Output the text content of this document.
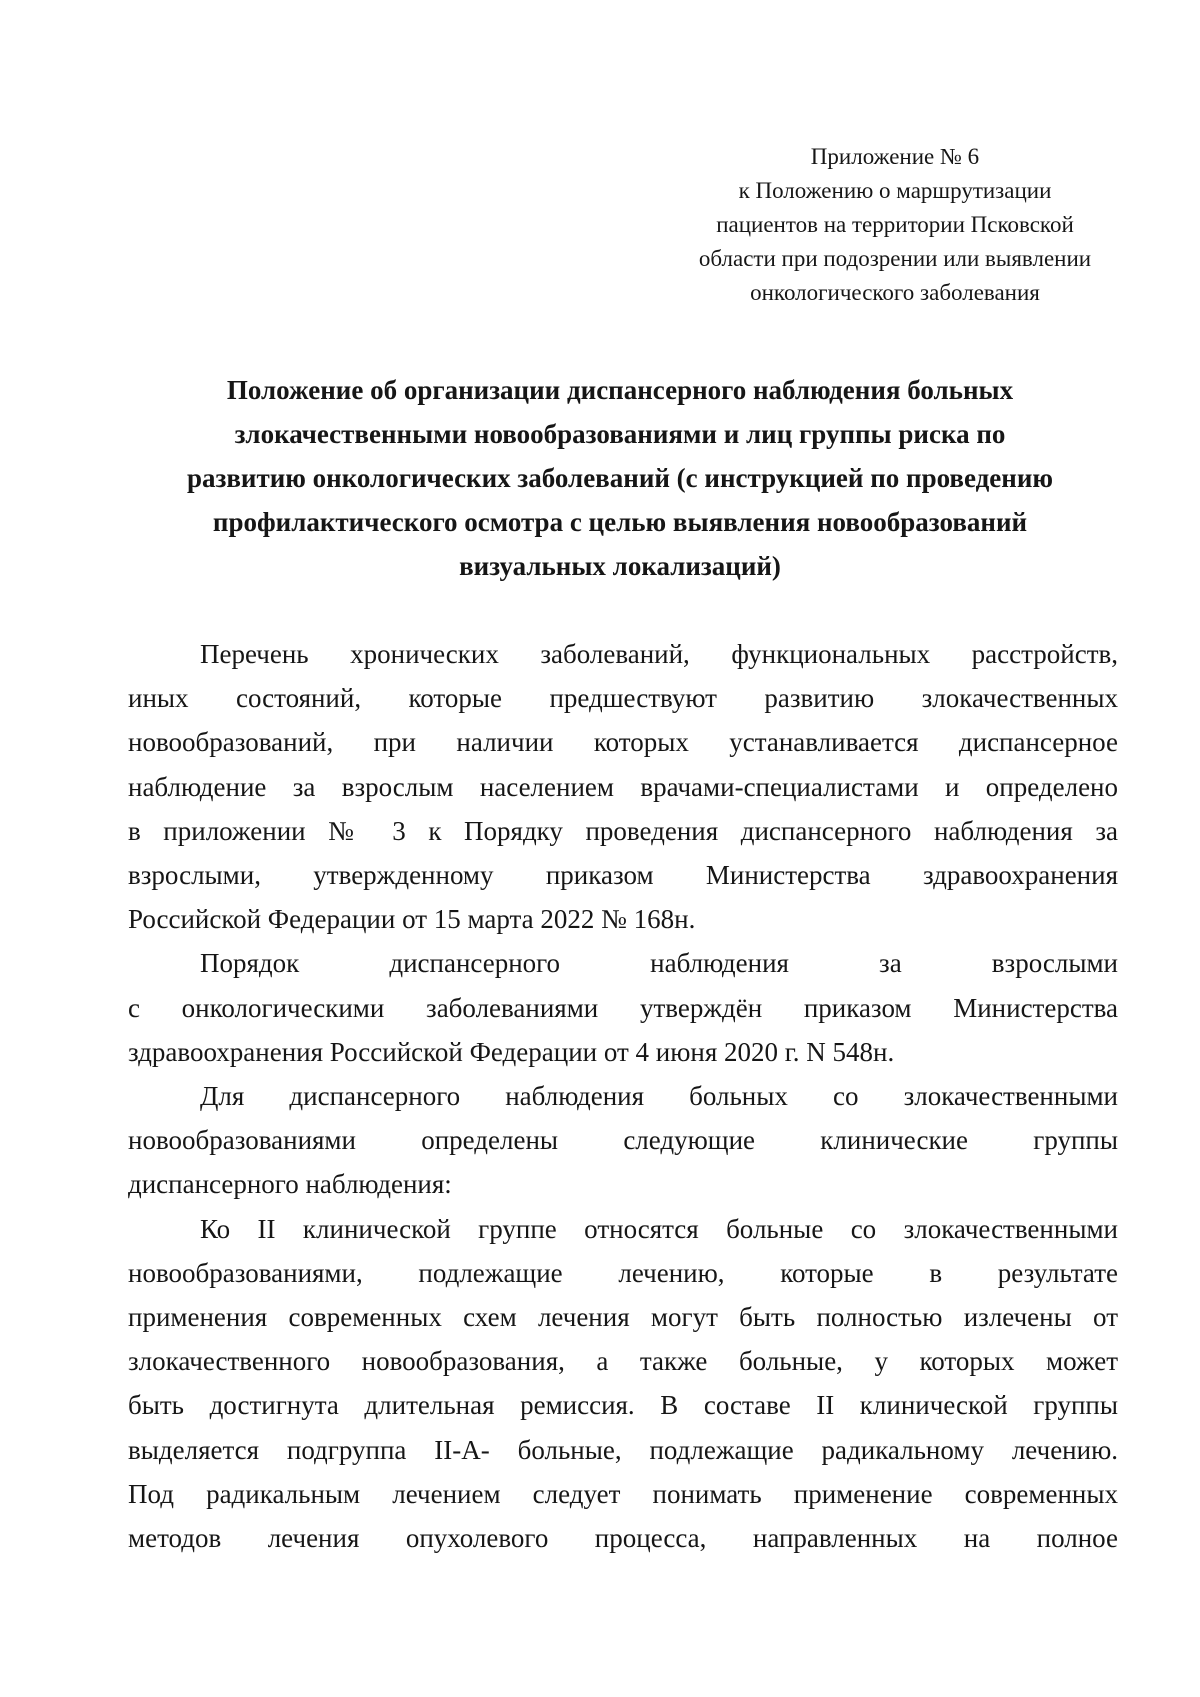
Приложение № 6
к Положению о маршрутизации
пациентов на территории Псковской
области при подозрении или выявлении
онкологического заболевания
Положение об организации диспансерного наблюдения больных
злокачественными новообразованиями и лиц группы риска по
развитию онкологических заболеваний (с инструкцией по проведению
профилактического осмотра с целью выявления новообразований
визуальных локализаций)
Перечень хронических заболеваний, функциональных расстройств,
иных состояний, которые предшествуют развитию злокачественных
новообразований, при наличии которых устанавливается диспансерное
наблюдение за взрослым населением врачами-специалистами и определено
в приложении № 3 к Порядку проведения диспансерного наблюдения за
взрослыми, утвержденному приказом Министерства здравоохранения
Российской Федерации от 15 марта 2022 № 168н.
Порядок диспансерного наблюдения за взрослыми
с онкологическими заболеваниями утверждён приказом Министерства
здравоохранения Российской Федерации от 4 июня 2020 г. N 548н.
Для диспансерного наблюдения больных со злокачественными
новообразованиями определены следующие клинические группы
диспансерного наблюдения:
Ко II клинической группе относятся больные со злокачественными
новообразованиями, подлежащие лечению, которые в результате
применения современных схем лечения могут быть полностью излечены от
злокачественного новообразования, а также больные, у которых может
быть достигнута длительная ремиссия. В составе II клинической группы
выделяется подгруппа II-А- больные, подлежащие радикальному лечению.
Под радикальным лечением следует понимать применение современных
методов лечения опухолевого процесса, направленных на полное
